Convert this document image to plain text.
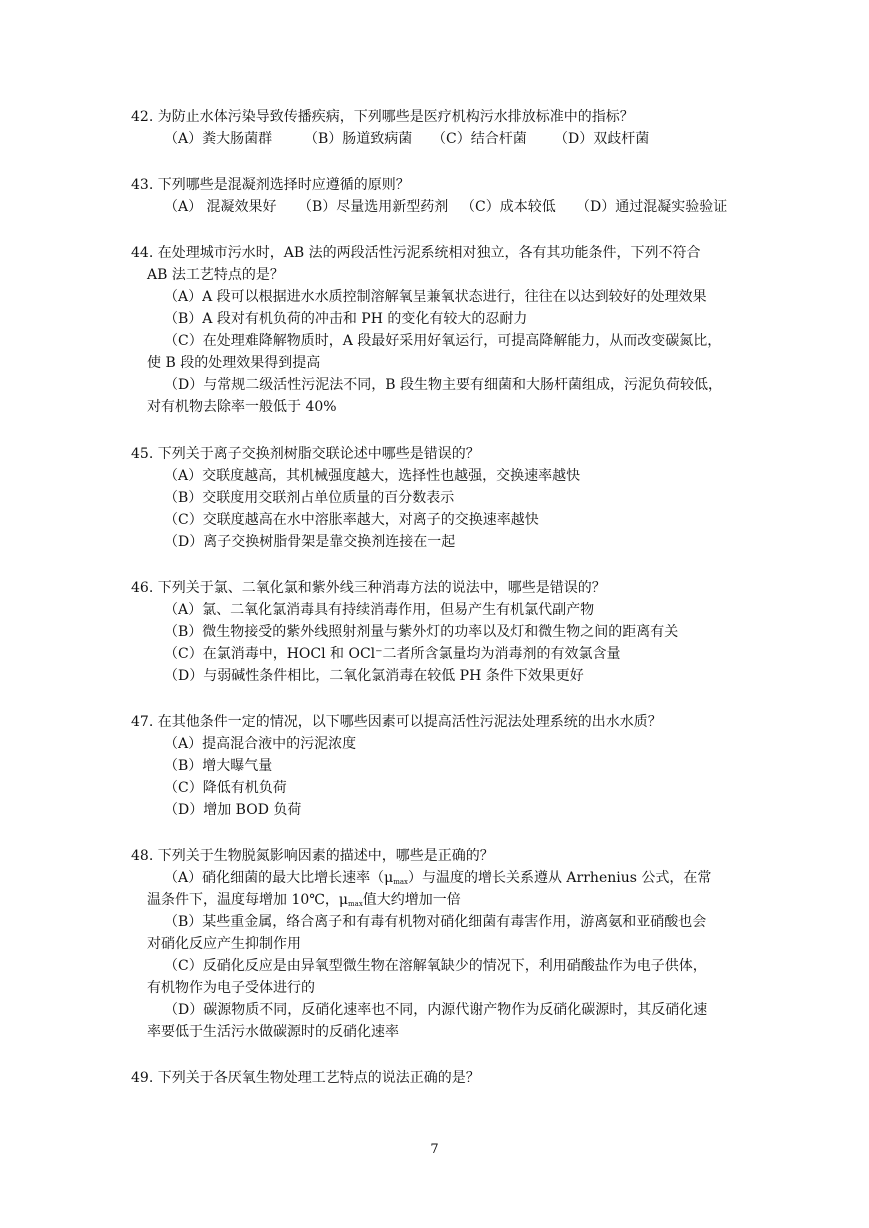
42. 为防止水体污染导致传播疾病，下列哪些是医疗机构污水排放标准中的指标？
（A）粪大肠菌群 （B）肠道致病菌 （C）结合杆菌 （D）双歧杆菌
43. 下列哪些是混凝剂选择时应遵循的原则？
（A） 混凝效果好 （B）尽量选用新型药剂 （C）成本较低 （D）通过混凝实验验证
44. 在处理城市污水时，AB 法的两段活性污泥系统相对独立，各有其功能条件，下列不符合
AB 法工艺特点的是？
（A）A 段可以根据进水水质控制溶解氧呈兼氧状态进行，往往在以达到较好的处理效果
（B）A 段对有机负荷的冲击和 PH 的变化有较大的忍耐力
（C）在处理难降解物质时，A 段最好采用好氧运行，可提高降解能力，从而改变碳氮比，
使 B 段的处理效果得到提高
（D）与常规二级活性污泥法不同，B 段生物主要有细菌和大肠杆菌组成，污泥负荷较低，
对有机物去除率一般低于 40%
45. 下列关于离子交换剂树脂交联论述中哪些是错误的？
（A）交联度越高，其机械强度越大，选择性也越强，交换速率越快
（B）交联度用交联剂占单位质量的百分数表示
（C）交联度越高在水中溶胀率越大，对离子的交换速率越快
（D）离子交换树脂骨架是靠交换剂连接在一起
46. 下列关于氯、二氧化氯和紫外线三种消毒方法的说法中，哪些是错误的？
（A）氯、二氧化氯消毒具有持续消毒作用，但易产生有机氯代副产物
（B）微生物接受的紫外线照射剂量与紫外灯的功率以及灯和微生物之间的距离有关
（C）在氯消毒中，HOCl 和 OCl⁻二者所含氯量均为消毒剂的有效氯含量
（D）与弱碱性条件相比，二氧化氯消毒在较低 PH 条件下效果更好
47. 在其他条件一定的情况，以下哪些因素可以提高活性污泥法处理系统的出水水质？
（A）提高混合液中的污泥浓度
（B）增大曝气量
（C）降低有机负荷
（D）增加 BOD 负荷
48. 下列关于生物脱氮影响因素的描述中，哪些是正确的？
（A）硝化细菌的最大比增长速率$(\mu_{max})$与温度的增长关系遵从 Arrhenius 公式，在常
温条件下，温度每增加 10℃，$\mu_{max}$值大约增加一倍
（B）某些重金属，络合离子和有毒有机物对硝化细菌有毒害作用，游离氨和亚硝酸也会
对硝化反应产生抑制作用
（C）反硝化反应是由异氧型微生物在溶解氧缺少的情况下，利用硝酸盐作为电子供体，
有机物作为电子受体进行的
（D）碳源物质不同，反硝化速率也不同，内源代谢产物作为反硝化碳源时，其反硝化速
率要低于生活污水做碳源时的反硝化速率
49. 下列关于各厌氧生物处理工艺特点的说法正确的是？
7
